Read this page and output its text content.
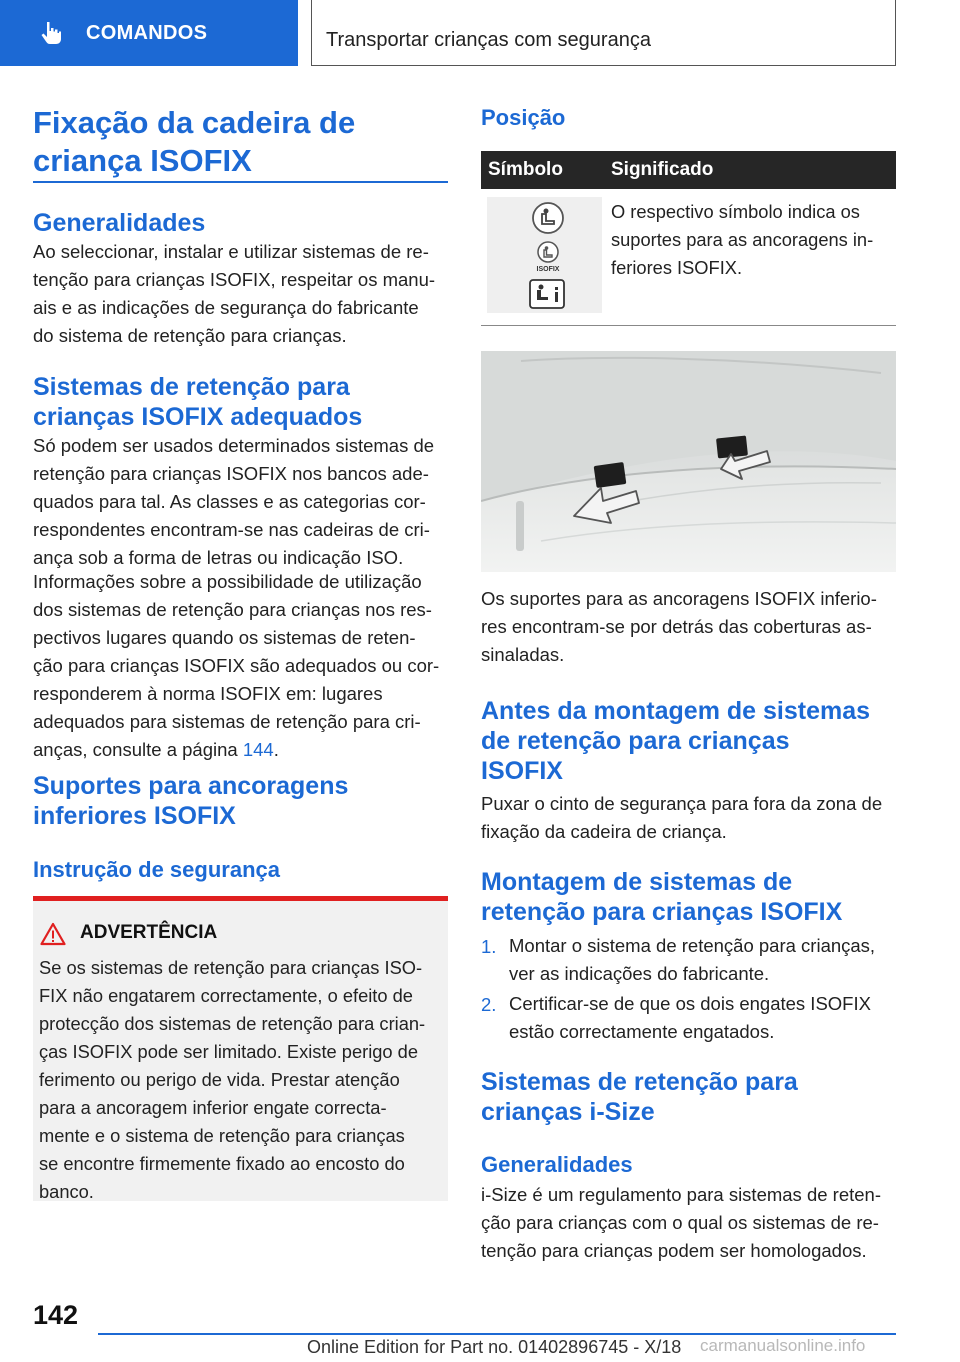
COMANDOS	Transportar crianças com segurança
Fixação da cadeira de
criança ISOFIX
Generalidades
Ao seleccionar, instalar e utilizar sistemas de re-
tenção para crianças ISOFIX, respeitar os manu-
ais e as indicações de segurança do fabricante
do sistema de retenção para crianças.
Sistemas de retenção para
crianças ISOFIX adequados
Só podem ser usados determinados sistemas de
retenção para crianças ISOFIX nos bancos ade-
quados para tal. As classes e as categorias cor-
respondentes encontram-se nas cadeiras de cri-
ança sob a forma de letras ou indicação ISO.
Informações sobre a possibilidade de utilização
dos sistemas de retenção para crianças nos res-
pectivos lugares quando os sistemas de reten-
ção para crianças ISOFIX são adequados ou cor-
responderem à norma ISOFIX em: lugares
adequados para sistemas de retenção para cri-
anças, consulte a página 144.
Suportes para ancoragens
inferiores ISOFIX
Instrução de segurança
ADVERTÊNCIA
Se os sistemas de retenção para crianças ISO-
FIX não engatarem correctamente, o efeito de
protecção dos sistemas de retenção para crian-
ças ISOFIX pode ser limitado. Existe perigo de
ferimento ou perigo de vida. Prestar atenção
para a ancoragem inferior engate correcta-
mente e o sistema de retenção para crianças
se encontre firmemente fixado ao encosto do
banco.
Posição
Símbolo	Significado
ISOFIX
O respectivo símbolo indica os
suportes para as ancoragens in-
feriores ISOFIX.
Os suportes para as ancoragens ISOFIX inferio-
res encontram-se por detrás das coberturas as-
sinaladas.
Antes da montagem de sistemas
de retenção para crianças
ISOFIX
Puxar o cinto de segurança para fora da zona de
fixação da cadeira de criança.
Montagem de sistemas de
retenção para crianças ISOFIX
1. Montar o sistema de retenção para crianças,
ver as indicações do fabricante.
2. Certificar-se de que os dois engates ISOFIX
estão correctamente engatados.
Sistemas de retenção para
crianças i-Size
Generalidades
i-Size é um regulamento para sistemas de reten-
ção para crianças com o qual os sistemas de re-
tenção para crianças podem ser homologados.
142
Online Edition for Part no. 01402896745 - X/18 carmanualsonline.info
